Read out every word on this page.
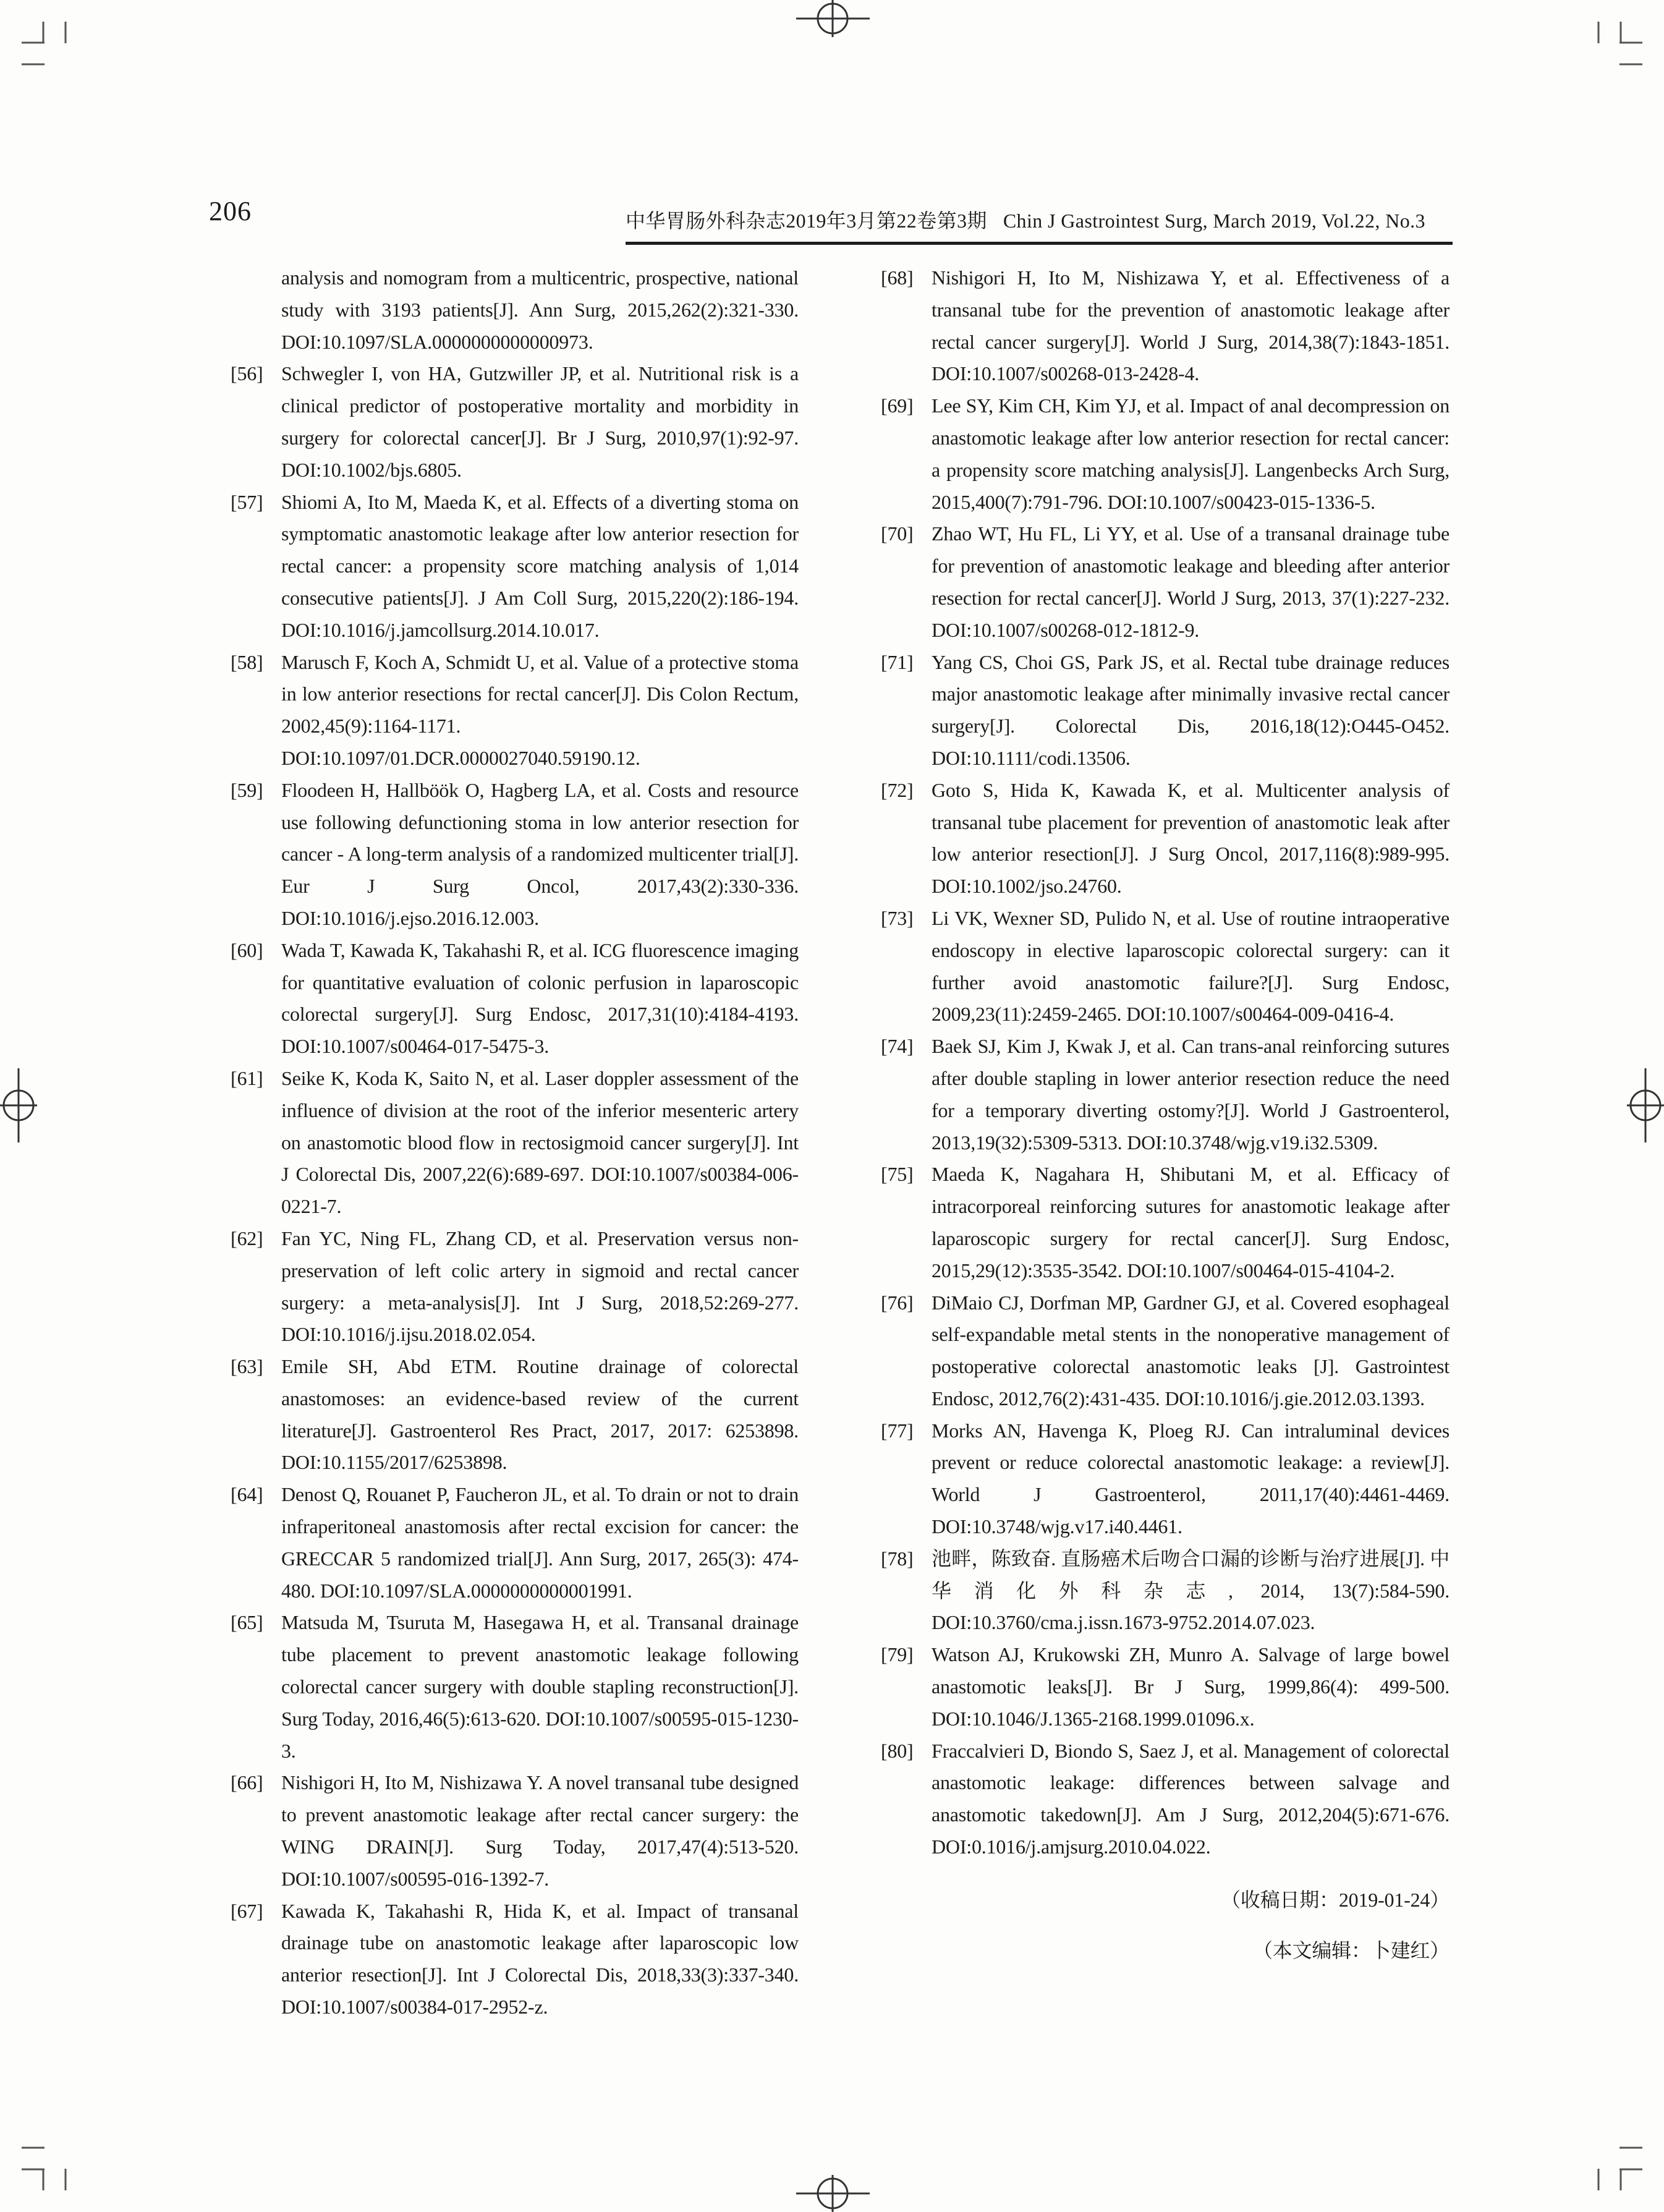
206	中华胃肠外科杂志2019年3月第22卷第3期 Chin J Gastrointest Surg, March 2019, Vol.22, No.3
analysis and nomogram from a multicentric, prospective, national study with 3193 patients[J]. Ann Surg, 2015,262(2):321-330. DOI:10.1097/SLA.0000000000000973.
[56] Schwegler I, von HA, Gutzwiller JP, et al. Nutritional risk is a clinical predictor of postoperative mortality and morbidity in surgery for colorectal cancer[J]. Br J Surg, 2010,97(1):92-97. DOI:10.1002/bjs.6805.
[57] Shiomi A, Ito M, Maeda K, et al. Effects of a diverting stoma on symptomatic anastomotic leakage after low anterior resection for rectal cancer: a propensity score matching analysis of 1,014 consecutive patients[J]. J Am Coll Surg, 2015,220(2):186-194. DOI:10.1016/j.jamcollsurg.2014.10.017.
[58] Marusch F, Koch A, Schmidt U, et al. Value of a protective stoma in low anterior resections for rectal cancer[J]. Dis Colon Rectum, 2002,45(9):1164-1171. DOI:10.1097/01.DCR.0000027040.59190.12.
[59] Floodeen H, Hallböök O, Hagberg LA, et al. Costs and resource use following defunctioning stoma in low anterior resection for cancer - A long-term analysis of a randomized multicenter trial[J]. Eur J Surg Oncol, 2017,43(2):330-336. DOI:10.1016/j.ejso.2016.12.003.
[60] Wada T, Kawada K, Takahashi R, et al. ICG fluorescence imaging for quantitative evaluation of colonic perfusion in laparoscopic colorectal surgery[J]. Surg Endosc, 2017,31(10):4184-4193. DOI:10.1007/s00464-017-5475-3.
[61] Seike K, Koda K, Saito N, et al. Laser doppler assessment of the influence of division at the root of the inferior mesenteric artery on anastomotic blood flow in rectosigmoid cancer surgery[J]. Int J Colorectal Dis, 2007,22(6):689-697. DOI:10.1007/s00384-006-0221-7.
[62] Fan YC, Ning FL, Zhang CD, et al. Preservation versus non-preservation of left colic artery in sigmoid and rectal cancer surgery: a meta-analysis[J]. Int J Surg, 2018,52:269-277. DOI:10.1016/j.ijsu.2018.02.054.
[63] Emile SH, Abd ETM. Routine drainage of colorectal anastomoses: an evidence-based review of the current literature[J]. Gastroenterol Res Pract, 2017, 2017: 6253898. DOI:10.1155/2017/6253898.
[64] Denost Q, Rouanet P, Faucheron JL, et al. To drain or not to drain infraperitoneal anastomosis after rectal excision for cancer: the GRECCAR 5 randomized trial[J]. Ann Surg, 2017, 265(3): 474-480. DOI:10.1097/SLA.0000000000001991.
[65] Matsuda M, Tsuruta M, Hasegawa H, et al. Transanal drainage tube placement to prevent anastomotic leakage following colorectal cancer surgery with double stapling reconstruction[J]. Surg Today, 2016,46(5):613-620. DOI:10.1007/s00595-015-1230-3.
[66] Nishigori H, Ito M, Nishizawa Y. A novel transanal tube designed to prevent anastomotic leakage after rectal cancer surgery: the WING DRAIN[J]. Surg Today, 2017,47(4):513-520. DOI:10.1007/s00595-016-1392-7.
[67] Kawada K, Takahashi R, Hida K, et al. Impact of transanal drainage tube on anastomotic leakage after laparoscopic low anterior resection[J]. Int J Colorectal Dis, 2018,33(3):337-340. DOI:10.1007/s00384-017-2952-z.
[68] Nishigori H, Ito M, Nishizawa Y, et al. Effectiveness of a transanal tube for the prevention of anastomotic leakage after rectal cancer surgery[J]. World J Surg, 2014,38(7):1843-1851. DOI:10.1007/s00268-013-2428-4.
[69] Lee SY, Kim CH, Kim YJ, et al. Impact of anal decompression on anastomotic leakage after low anterior resection for rectal cancer: a propensity score matching analysis[J]. Langenbecks Arch Surg, 2015,400(7):791-796. DOI:10.1007/s00423-015-1336-5.
[70] Zhao WT, Hu FL, Li YY, et al. Use of a transanal drainage tube for prevention of anastomotic leakage and bleeding after anterior resection for rectal cancer[J]. World J Surg, 2013, 37(1):227-232. DOI:10.1007/s00268-012-1812-9.
[71] Yang CS, Choi GS, Park JS, et al. Rectal tube drainage reduces major anastomotic leakage after minimally invasive rectal cancer surgery[J]. Colorectal Dis, 2016,18(12):O445-O452. DOI:10.1111/codi.13506.
[72] Goto S, Hida K, Kawada K, et al. Multicenter analysis of transanal tube placement for prevention of anastomotic leak after low anterior resection[J]. J Surg Oncol, 2017,116(8):989-995. DOI:10.1002/jso.24760.
[73] Li VK, Wexner SD, Pulido N, et al. Use of routine intraoperative endoscopy in elective laparoscopic colorectal surgery: can it further avoid anastomotic failure?[J]. Surg Endosc, 2009,23(11):2459-2465. DOI:10.1007/s00464-009-0416-4.
[74] Baek SJ, Kim J, Kwak J, et al. Can trans-anal reinforcing sutures after double stapling in lower anterior resection reduce the need for a temporary diverting ostomy?[J]. World J Gastroenterol, 2013,19(32):5309-5313. DOI:10.3748/wjg.v19.i32.5309.
[75] Maeda K, Nagahara H, Shibutani M, et al. Efficacy of intracorporeal reinforcing sutures for anastomotic leakage after laparoscopic surgery for rectal cancer[J]. Surg Endosc, 2015,29(12):3535-3542. DOI:10.1007/s00464-015-4104-2.
[76] DiMaio CJ, Dorfman MP, Gardner GJ, et al. Covered esophageal self-expandable metal stents in the nonoperative management of postoperative colorectal anastomotic leaks [J]. Gastrointest Endosc, 2012,76(2):431-435. DOI:10.1016/j.gie.2012.03.1393.
[77] Morks AN, Havenga K, Ploeg RJ. Can intraluminal devices prevent or reduce colorectal anastomotic leakage: a review[J]. World J Gastroenterol, 2011,17(40):4461-4469. DOI:10.3748/wjg.v17.i40.4461.
[78] 池畔，陈致奋. 直肠癌术后吻合口漏的诊断与治疗进展[J]. 中华消化外科杂志, 2014, 13(7):584-590. DOI:10.3760/cma.j.issn.1673-9752.2014.07.023.
[79] Watson AJ, Krukowski ZH, Munro A. Salvage of large bowel anastomotic leaks[J]. Br J Surg, 1999,86(4): 499-500. DOI:10.1046/J.1365-2168.1999.01096.x.
[80] Fraccalvieri D, Biondo S, Saez J, et al. Management of colorectal anastomotic leakage: differences between salvage and anastomotic takedown[J]. Am J Surg, 2012,204(5):671-676. DOI:0.1016/j.amjsurg.2010.04.022.
（收稿日期：2019-01-24）
（本文编辑：卜建红）
